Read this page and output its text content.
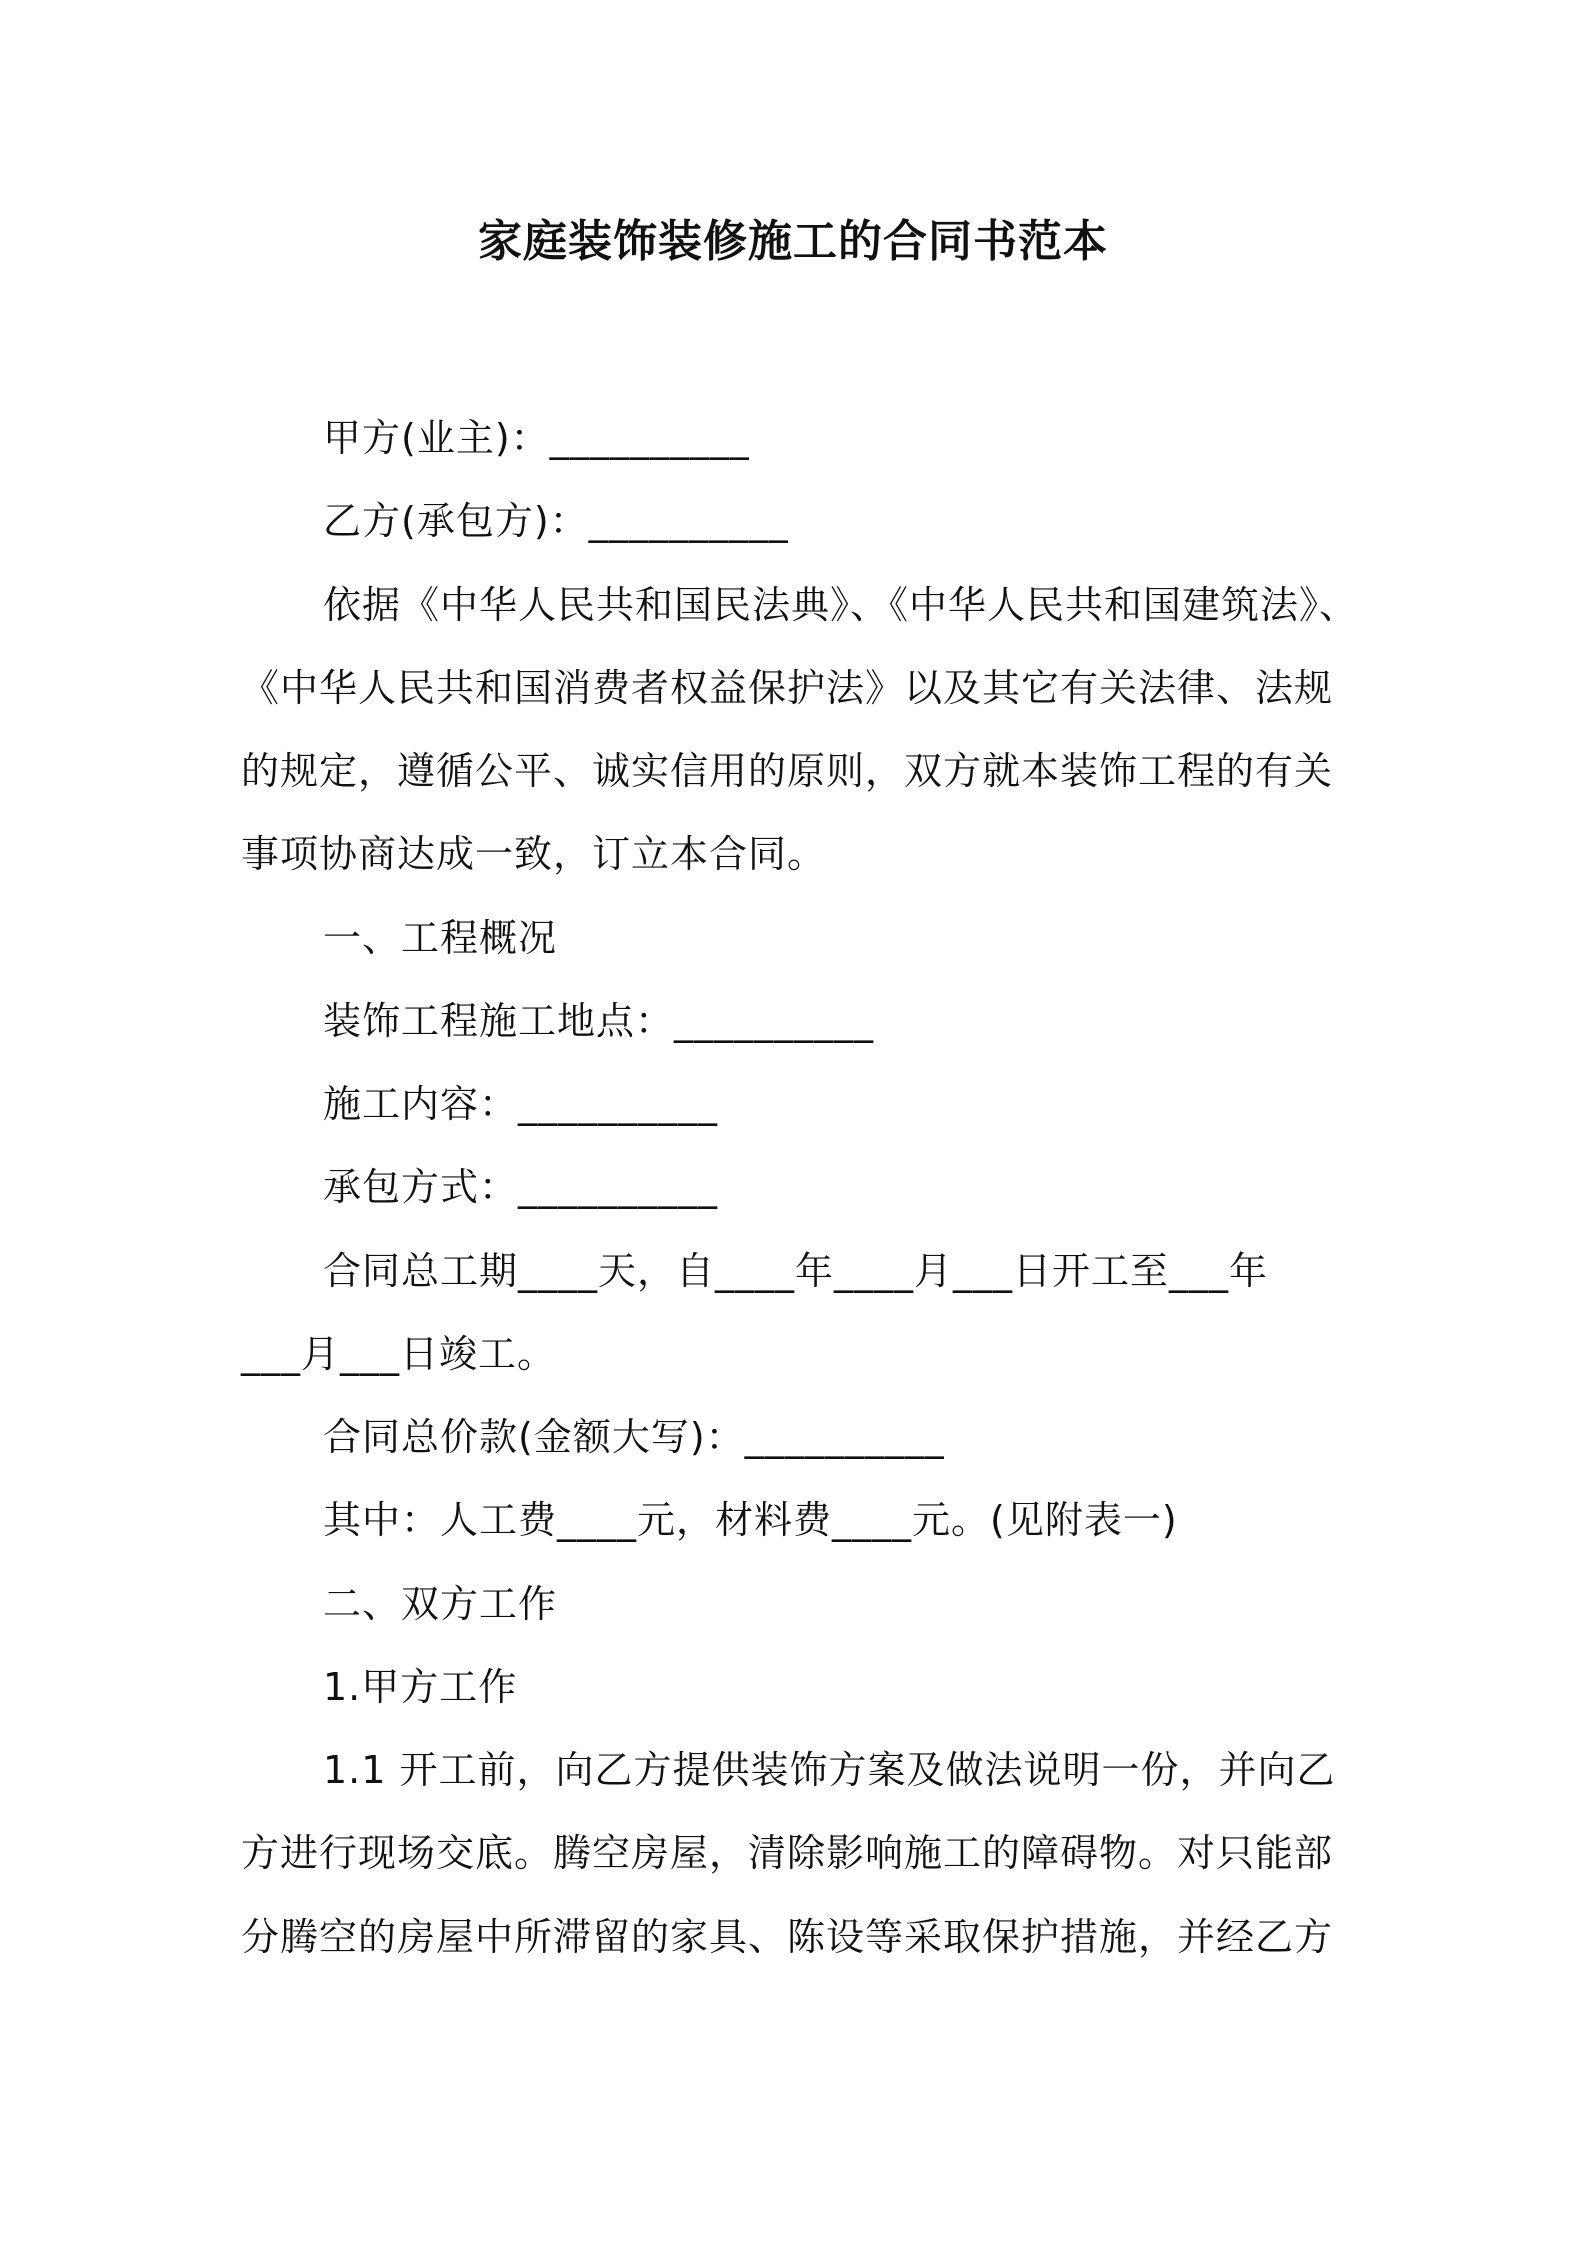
家庭装饰装修施工的合同书范本
甲方(业主)：__________
乙方(承包方)：__________
依据《中华人民共和国民法典》、《中华人民共和国建筑法》、
《中华人民共和国消费者权益保护法》以及其它有关法律、法规
的规定，遵循公平、诚实信用的原则，双方就本装饰工程的有关
事项协商达成一致，订立本合同。
一、工程概况
装饰工程施工地点：__________
施工内容：__________
承包方式：__________
合同总工期____天，自____年____月___日开工至___年
___月___日竣工。
合同总价款(金额大写)：__________
其中：人工费____元，材料费____元。(见附表一)
二、双方工作
1.甲方工作
1.1 开工前，向乙方提供装饰方案及做法说明一份，并向乙
方进行现场交底。腾空房屋，清除影响施工的障碍物。对只能部
分腾空的房屋中所滞留的家具、陈设等采取保护措施，并经乙方
